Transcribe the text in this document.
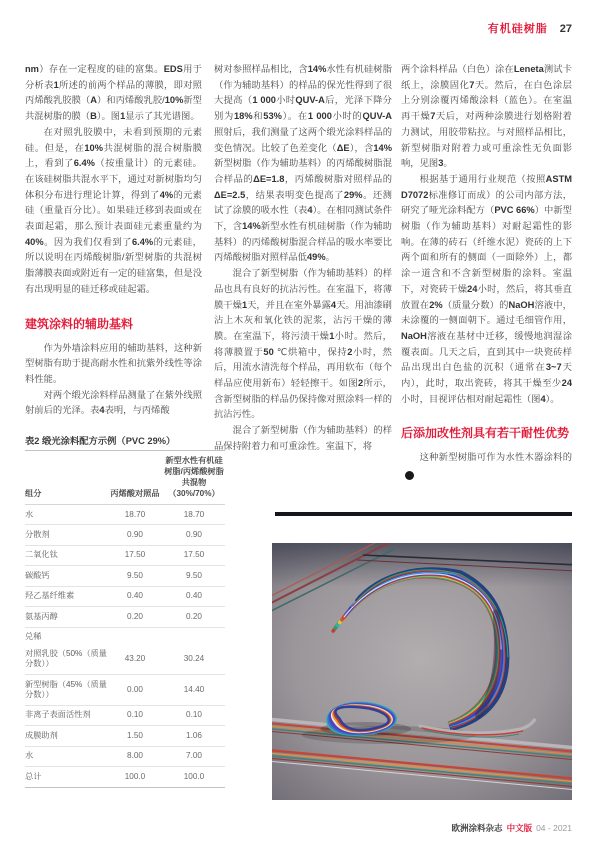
有机硅树脂 27

nm）存在一定程度的硅的富集。EDS用于分析表1所述的前两个样品的薄膜，即对照丙烯酸乳胶膜（A）和丙烯酸乳胶/10%新型共混树脂的膜（B）。图1显示了其光谱图。

在对照乳胶膜中，未看到预期的元素硅。但是，在10%共混树脂的混合树脂膜上，看到了6.4%（按重量计）的元素硅。在该硅树脂共混水平下，通过对新树脂均匀体积分布进行理论计算，得到了4%的元素硅（重量百分比）。如果硅迁移到表面或在表面起霜，那么预计表面硅元素重量约为40%。因为我们仅看到了6.4%的元素硅，所以说明在丙烯酸树脂/新型树脂的共混树脂薄膜表面或附近有一定的硅富集，但是没有出现明显的硅迁移或硅起霜。

建筑涂料的辅助基料

作为外墙涂料应用的辅助基料，这种新型树脂有助于提高耐水性和抗紫外线性等涂料性能。

对两个缎光涂料样品测量了在紫外线照射前后的光泽。表4表明，与丙烯酸

表2 缎光涂料配方示例（PVC 29%）

组分	丙烯酸对照品	新型水性有机硅树脂/丙烯酸树脂共混物（30%/70%）
水	18.70	18.70
分散剂	0.90	0.90
二氧化钛	17.50	17.50
碳酸钙	9.50	9.50
羟乙基纤维素	0.40	0.40
氨基丙醇	0.20	0.20
兑稀		
对照乳胶（50%（质量分数））	43.20	30.24
新型树脂（45%（质量分数））	0.00	14.40
非离子表面活性剂	0.10	0.10
成膜助剂	1.50	1.06
水	8.00	7.00
总计	100.0	100.0

树对参照样品相比，含14%水性有机硅树脂（作为辅助基料）的样品的保光性得到了很大提高（1 000小时QUV-A后，光泽下降分别为18%和53%）。在1 000小时的QUV-A照射后，我们测量了这两个缎光涂料样品的变色情况。比较了色差变化（ΔE），含14%新型树脂（作为辅助基料）的丙烯酸树脂混合样品的ΔE=1.8，丙烯酸树脂对照样品的ΔE=2.5，结果表明变色提高了29%。还测试了涂膜的吸水性（表4）。在相同测试条件下，含14%新型水性有机硅树脂（作为辅助基料）的丙烯酸树脂混合样品的吸水率要比丙烯酸树脂对照样品低49%。

混合了新型树脂（作为辅助基料）的样品也具有良好的抗沾污性。在室温下，将薄膜干燥1天，并且在室外暴露4天。用油漆刷沾上木灰和氧化铁的泥浆，沾污干燥的薄膜。在室温下，将污渍干燥1小时。然后，将薄膜置于50 ℃烘箱中，保持2小时，然后，用流水清洗每个样品，再用软布（每个样品应使用新布）轻轻擦干。如图2所示，含新型树脂的样品仍保持像对照涂料一样的抗沾污性。

混合了新型树脂（作为辅助基料）的样品保持附着力和可重涂性。室温下，将

两个涂料样品（白色）涂在Leneta测试卡纸上，涂膜固化7天。然后，在白色涂层上分别涂覆丙烯酸涂料（蓝色）。在室温再干燥7天后，对两种涂膜进行划格附着力测试，用胶带粘拉。与对照样品相比，新型树脂对附着力或可重涂性无负面影响，见图3。

根据基于通用行业规范（按照ASTM D7072标准修订而成）的公司内部方法，研究了哑光涂料配方（PVC 66%）中新型树脂（作为辅助基料）对耐起霜性的影响。在薄的砖石（纤维水泥）瓷砖的上下两个面和所有的侧面（一面除外）上，都涂一道含和不含新型树脂的涂料。室温下，对瓷砖干燥24小时，然后，将其垂直放置在2%（质量分数）的NaOH溶液中，未涂覆的一侧面朝下。通过毛细管作用，NaOH溶液在基材中迁移，缓慢地润湿涂覆表面。几天之后，直到其中一块瓷砖样品出现出白色盐的沉积（通常在3~7天内），此时，取出瓷砖，将其干燥至少24小时，目视评估相对耐起霜性（图4）。

后添加改性剂具有若干耐性优势

这种新型树脂可作为水性木器涂料的❯

欧洲涂料杂志 中文版 04 - 2021
